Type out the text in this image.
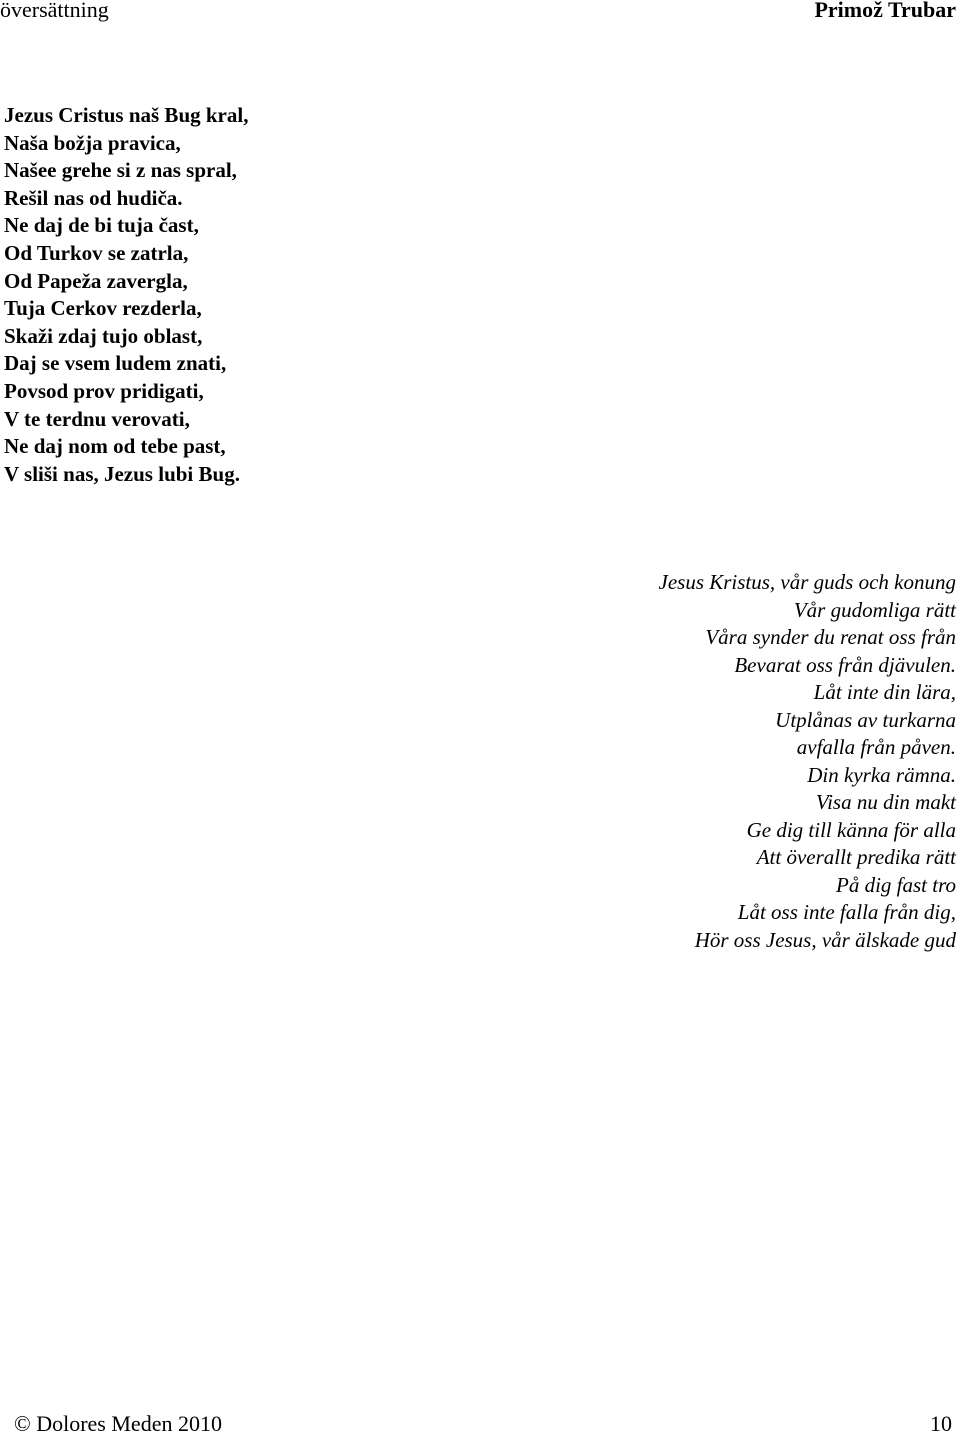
översättning	Primož Trubar
Jezus Cristus naš Bug kral,
Naša božja pravica,
Našee grehe si z nas spral,
Rešil nas od hudiča.
Ne daj de bi tuja čast,
Od Turkov se zatrla,
Od Papeža zavergla,
Tuja Cerkov rezderla,
Skaži zdaj tujo oblast,
Daj se vsem ludem znati,
Povsod prov pridigati,
V te terdnu verovati,
Ne daj nom od tebe past,
V sliši nas, Jezus lubi Bug.
Jesus Kristus, vår guds och konung
Vår gudomliga rätt
Våra synder du renat oss från
Bevarat oss från djävulen.
Låt inte din lära,
Utplånas av turkarna
avfalla från påven.
Din kyrka rämna.
Visa nu din makt
Ge dig till känna för alla
Att överallt predika rätt
På dig fast tro
Låt oss inte falla från dig,
Hör oss Jesus, vår älskade gud
© Dolores Meden 2010	10
